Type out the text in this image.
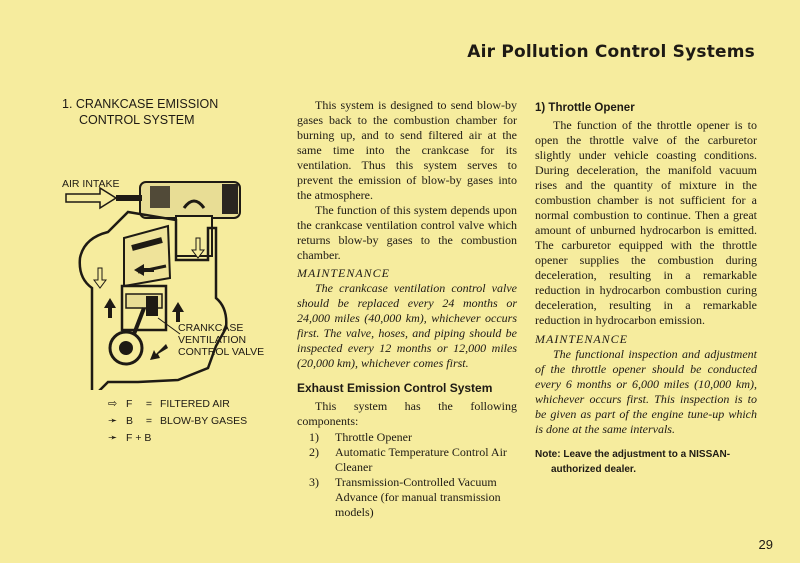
Air Pollution Control Systems
1. CRANKCASE EMISSION
CONTROL SYSTEM
AIR INTAKE
CRANKCASE
VENTILATION
CONTROL VALVE
⇨ F	= FILTERED AIR
➛ B	= BLOW-BY GASES
➛ F + B

This system is designed to send blow-by gases back to the combustion chamber for burning up, and to send filtered air at the same time into the crankcase for its ventilation. Thus this system serves to prevent the emission of blow-by gases into the atmosphere.

The function of this system depends upon the crankcase ventilation control valve which returns blow-by gases to the combustion chamber.

MAINTENANCE
The crankcase ventilation control valve should be replaced every 24 months or 24,000 miles (40,000 km), whichever occurs first. The valve, hoses, and piping should be inspected every 12 months or 12,000 miles (20,000 km), whichever comes first.
Exhaust Emission Control System

This system has the following components:

1)	Throttle Opener
2)	Automatic Temperature Control Air Cleaner
3)	Transmission-Controlled Vacuum Advance (for manual transmission models)
1) Throttle Opener

The function of the throttle opener is to open the throttle valve of the carburetor slightly under vehicle coasting conditions. During deceleration, the manifold vacuum rises and the quantity of mixture in the combustion chamber is not sufficient for a normal combustion to continue. Then a great amount of unburned hydrocarbon is emitted. The carburetor equipped with the throttle opener supplies the combustion during deceleration, resulting in a remarkable reduction in hydrocarbon combustion curing deceleration, resulting in a remarkable reduction in hydrocarbon emission.

MAINTENANCE
The functional inspection and adjustment of the throttle opener should be conducted every 6 months or 6,000 miles (10,000 km), whichever occurs first. This inspection is to be given as part of the engine tune-up which is done at the same intervals.
Note: Leave the adjustment to a NISSAN-
authorized dealer.
29
